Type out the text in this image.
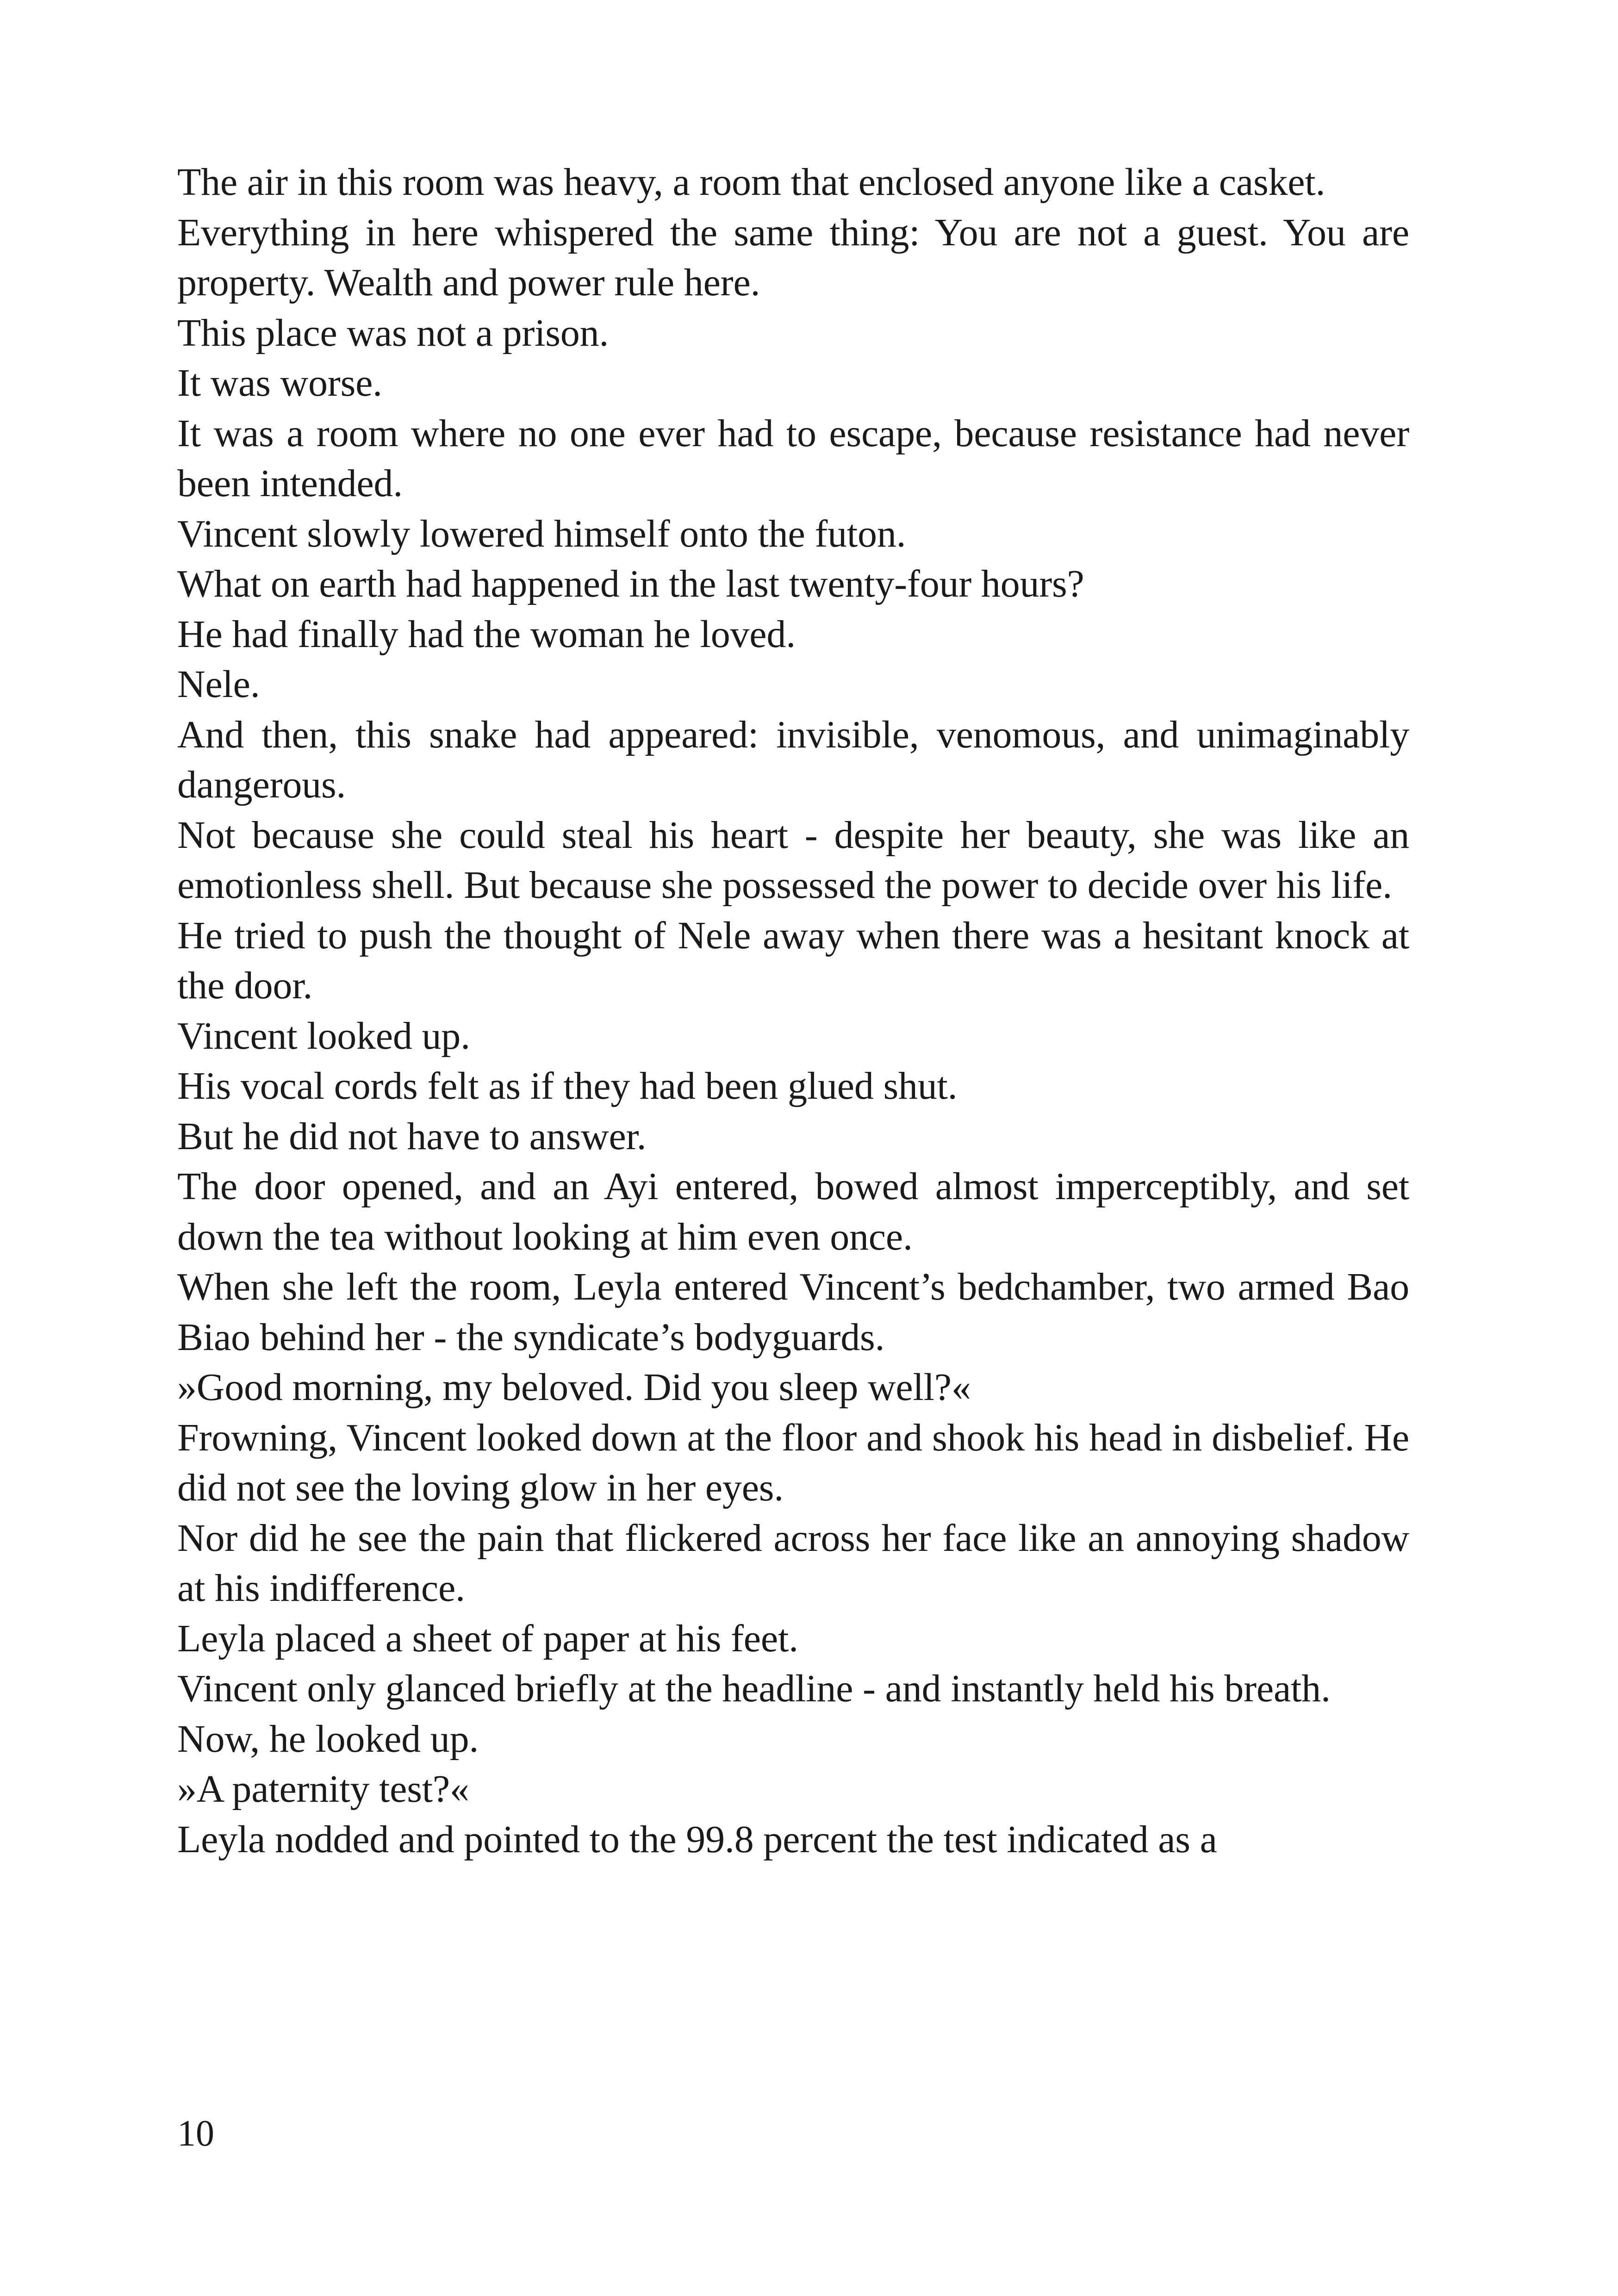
The air in this room was heavy, a room that enclosed anyone like a casket.

Everything in here whispered the same thing: You are not a guest. You are property. Wealth and power rule here.

This place was not a prison.

It was worse.

It was a room where no one ever had to escape, because resistance had never been intended.

Vincent slowly lowered himself onto the futon.

What on earth had happened in the last twenty-four hours?

He had finally had the woman he loved.

Nele.

And then, this snake had appeared: invisible, venomous, and unimaginably dangerous.

Not because she could steal his heart - despite her beauty, she was like an emotionless shell. But because she possessed the power to decide over his life.

He tried to push the thought of Nele away when there was a hesitant knock at the door.

Vincent looked up.

His vocal cords felt as if they had been glued shut.

But he did not have to answer.

The door opened, and an Ayi entered, bowed almost imperceptibly, and set down the tea without looking at him even once.

When she left the room, Leyla entered Vincent’s bedchamber, two armed Bao Biao behind her - the syndicate’s bodyguards.

»Good morning, my beloved. Did you sleep well?«

Frowning, Vincent looked down at the floor and shook his head in disbelief. He did not see the loving glow in her eyes.

Nor did he see the pain that flickered across her face like an annoying shadow at his indifference.

Leyla placed a sheet of paper at his feet.

Vincent only glanced briefly at the headline - and instantly held his breath.

Now, he looked up.

»A paternity test?«

Leyla nodded and pointed to the 99.8 percent the test indicated as a

10
